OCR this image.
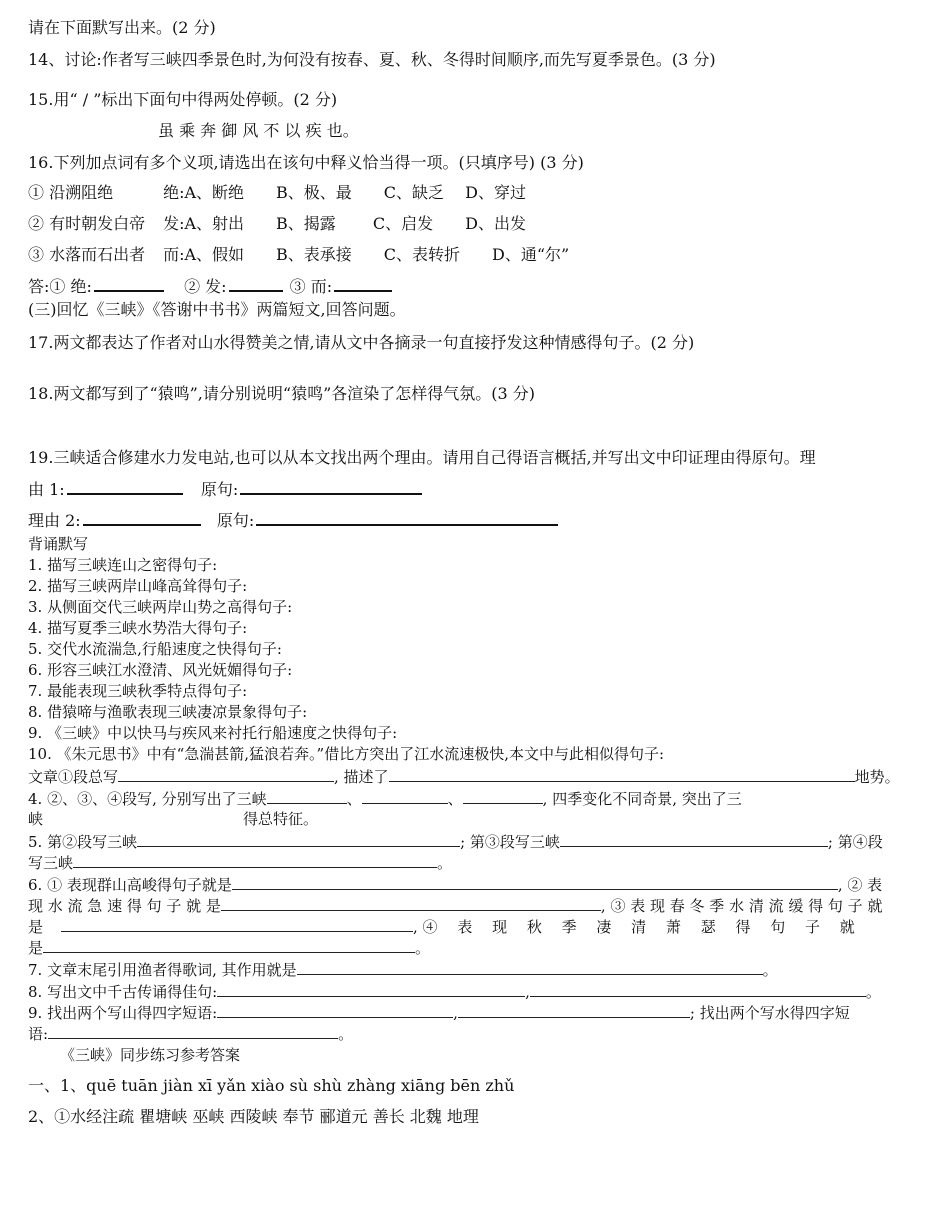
请在下面默写出来。(2 分)
14、讨论:作者写三峡四季景色时,为何没有按春、夏、秋、冬得时间顺序,而先写夏季景色。(3 分)
15.用“ / ”标出下面句中得两处停顿。(2 分)
虽 乘 奔 御 风 不 以 疾 也。
16.下列加点词有多个义项,请选出在该句中释义恰当得一项。(只填序号) (3 分)
① 沿溯阻绝	绝:A、断绝　　B、极、最　　C、缺乏　 D、穿过
② 有时朝发白帝 发:A、射出　　B、揭露　　 C、启发　　D、出发
③ 水落而石出者 而:A、假如　　B、表承接　　C、表转折　　D、通“尔”
答:① 绝:	② 发:	③ 而:
(三)回忆《三峡》《答谢中书书》两篇短文,回答问题。
17.两文都表达了作者对山水得赞美之情,请从文中各摘录一句直接抒发这种情感得句子。(2 分)
18.两文都写到了“猿鸣”,请分别说明“猿鸣”各渲染了怎样得气氛。(3 分)
19.三峡适合修建水力发电站,也可以从本文找出两个理由。请用自己得语言概括,并写出文中印证理由得原句。理
由 1:	原句:
理由 2:	原句:
背诵默写
1. 描写三峡连山之密得句子:
2. 描写三峡两岸山峰高耸得句子:
3. 从侧面交代三峡两岸山势之高得句子:
4. 描写夏季三峡水势浩大得句子:
5. 交代水流湍急,行船速度之快得句子:
6. 形容三峡江水澄清、风光妩媚得句子:
7. 最能表现三峡秋季特点得句子:
8. 借猿啼与渔歌表现三峡凄凉景象得句子:
9. 《三峡》中以快马与疾风来衬托行船速度之快得句子:
10. 《朱元思书》中有“急湍甚箭,猛浪若奔。”借比方突出了江水流速极快,本文中与此相似得句子:
文章①段总写	, 描述了	地势。
4. ②、③、④段写, 分别写出了三峡	、	、	, 四季变化不同奇景, 突出了三
峡	得总特征。
5. 第②段写三峡	; 第③段写三峡	; 第④段
写三峡	。
6. ① 表现群山高峻得句子就是	, ② 表
现 水 流 急 速 得 句 子 就 是	, ③ 表 现 春 冬 季 水 清 流 缓 得 句 子 就
是	, ④　 表　 现　 秋　 季　 凄　 清　 萧　 瑟　 得　 句　 子　 就
是	。
7. 文章末尾引用渔者得歌词, 其作用就是	。
8. 写出文中千古传诵得佳句:	,	。
9. 找出两个写山得四字短语:	,	; 找出两个写水得四字短
语:	。
《三峡》同步练习参考答案
一、1、quē tuān jiàn xī yǎn xiào sù shù zhàng xiāng bēn zhǔ
2、①水经注疏 瞿塘峡 巫峡 西陵峡 奉节 郦道元 善长 北魏 地理
